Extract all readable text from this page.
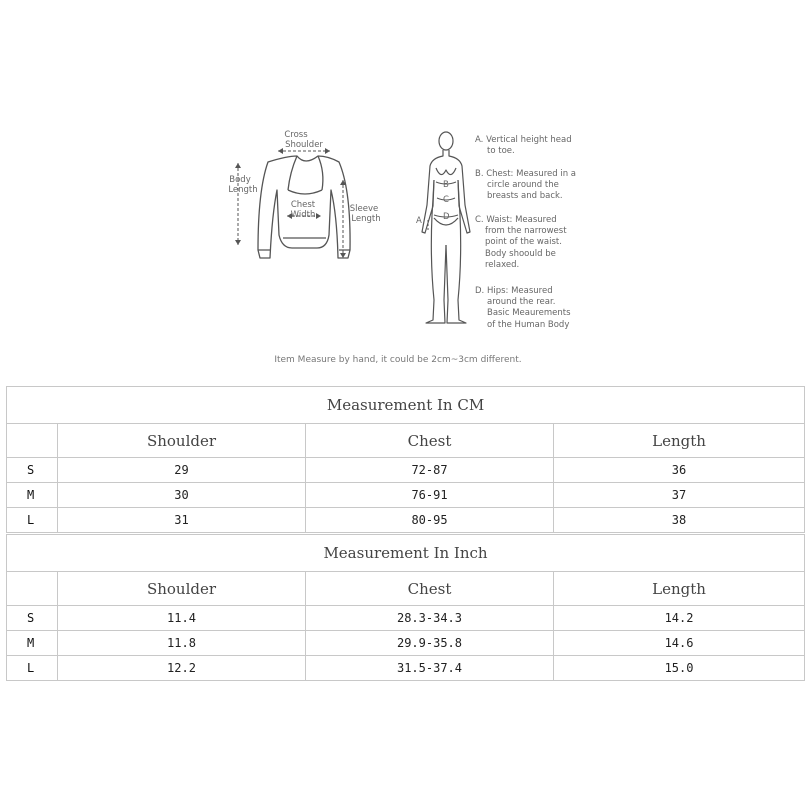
Cross
Shoulder
Body
Length
Chest
Width
Sleeve
Length
B
C
D
A
A. Vertical height head
to toe.
B. Chest: Measured in a
circle around the
breasts and back.
C. Waist: Measured
from the narrowest
point of the waist.
Body shoould be
relaxed.
D. Hips: Measured
around the rear.
Basic Meaurements
of the Human Body
Item Measure by hand, it could be 2cm~3cm different.
Measurement In CM			
	Shoulder	Chest	Length
S	29	72-87	36
M	30	76-91	37
L	31	80-95	38
Measurement In Inch			
	Shoulder	Chest	Length
S	11.4	28.3-34.3	14.2
M	11.8	29.9-35.8	14.6
L	12.2	31.5-37.4	15.0
